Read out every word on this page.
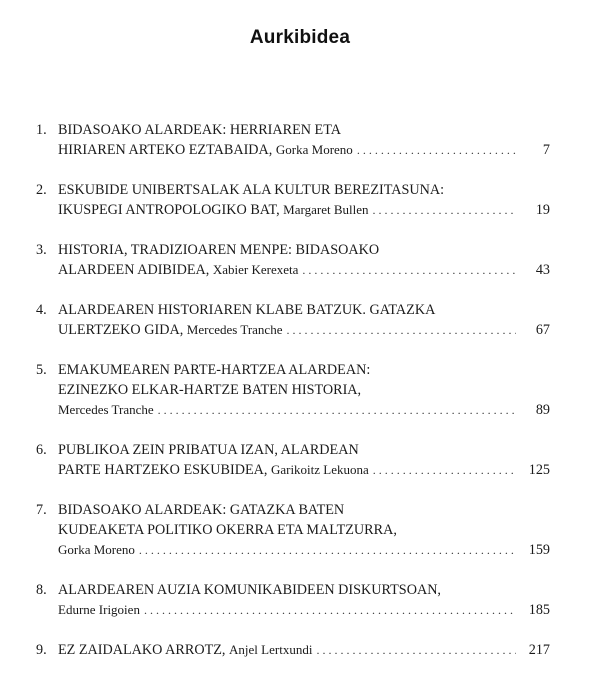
Aurkibidea
1. BIDASOAKO ALARDEAK: HERRIAREN ETA
HIRIAREN ARTEKO EZTABAIDA, Gorka Moreno . . .	7
2. ESKUBIDE UNIBERTSALAK ALA KULTUR BEREZITASUNA:
IKUSPEGI ANTROPOLOGIKO BAT, Margaret Bullen . . .	19
3. HISTORIA, TRADIZIOAREN MENPE: BIDASOAKO
ALARDEEN ADIBIDEA, Xabier Kerexeta . . .	43
4. ALARDEAREN HISTORIAREN KLABE BATZUK. GATAZKA
ULERTZEKO GIDA, Mercedes Tranche . . .	67
5. EMAKUMEAREN PARTE-HARTZEA ALARDEAN:
EZINEZKO ELKAR-HARTZE BATEN HISTORIA,
Mercedes Tranche . . .	89
6. PUBLIKOA ZEIN PRIBATUA IZAN, ALARDEAN
PARTE HARTZEKO ESKUBIDEA, Garikoitz Lekuona . . .	125
7. BIDASOAKO ALARDEAK: GATAZKA BATEN
KUDEAKETA POLITIKO OKERRA ETA MALTZURRA,
Gorka Moreno . . .	159
8. ALARDEAREN AUZIA KOMUNIKABIDEEN DISKURTSOAN,
Edurne Irigoien . . .	185
9. EZ ZAIDALAKO ARROTZ, Anjel Lertxundi . . .	217
